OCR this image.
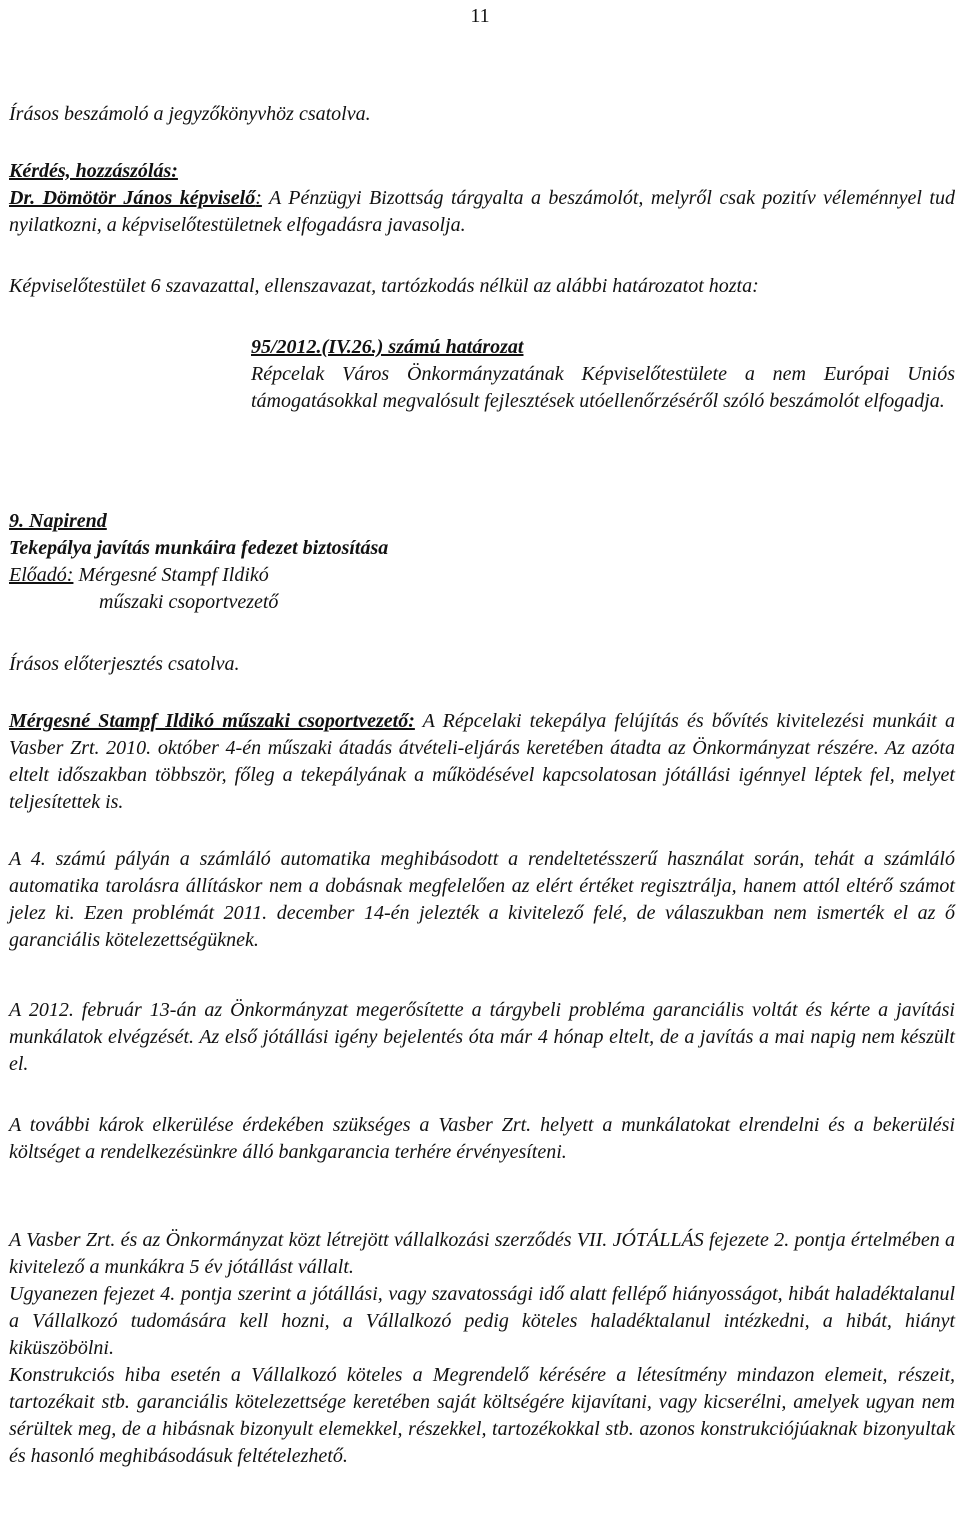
11

Írásos beszámoló a jegyzőkönyvhöz csatolva.

Kérdés, hozzászólás:
Dr. Dömötör János képviselő: A Pénzügyi Bizottság tárgyalta a beszámolót, melyről csak pozitív véleménnyel tud nyilatkozni, a képviselőtestületnek elfogadásra javasolja.

Képviselőtestület 6 szavazattal, ellenszavazat, tartózkodás nélkül az alábbi határozatot hozta:

95/2012.(IV.26.) számú határozat
Répcelak Város Önkormányzatának Képviselőtestülete a nem Európai Uniós támogatásokkal megvalósult fejlesztések utóellenőrzéséről szóló beszámolót elfogadja.
9. Napirend
Tekepálya javítás munkáira fedezet biztosítása
Előadó: Mérgesné Stampf Ildikó
műszaki csoportvezető

Írásos előterjesztés csatolva.

Mérgesné Stampf Ildikó műszaki csoportvezető: A Répcelaki tekepálya felújítás és bővítés kivitelezési munkáit a Vasber Zrt. 2010. október 4-én műszaki átadás átvételi-eljárás keretében átadta az Önkormányzat részére. Az azóta eltelt időszakban többször, főleg a tekepályának a működésével kapcsolatosan jótállási igénnyel léptek fel, melyet teljesítettek is.

A 4. számú pályán a számláló automatika meghibásodott a rendeltetésszerű használat során, tehát a számláló automatika tarolásra állításkor nem a dobásnak megfelelően az elért értéket regisztrálja, hanem attól eltérő számot jelez ki. Ezen problémát 2011. december 14-én jelezték a kivitelező felé, de válaszukban nem ismerték el az ő garanciális kötelezettségüknek.

A 2012. február 13-án az Önkormányzat megerősítette a tárgybeli probléma garanciális voltát és kérte a javítási munkálatok elvégzését. Az első jótállási igény bejelentés óta már 4 hónap eltelt, de a javítás a mai napig nem készült el.

A további károk elkerülése érdekében szükséges a Vasber Zrt. helyett a munkálatokat elrendelni és a bekerülési költséget a rendelkezésünkre álló bankgarancia terhére érvényesíteni.

A Vasber Zrt. és az Önkormányzat közt létrejött vállalkozási szerződés VII. JÓTÁLLÁS fejezete 2. pontja értelmében a kivitelező a munkákra 5 év jótállást vállalt.
Ugyanezen fejezet 4. pontja szerint a jótállási, vagy szavatossági idő alatt fellépő hiányosságot, hibát haladéktalanul a Vállalkozó tudomására kell hozni, a Vállalkozó pedig köteles haladéktalanul intézkedni, a hibát, hiányt kiküszöbölni.
Konstrukciós hiba esetén a Vállalkozó köteles a Megrendelő kérésére a létesítmény mindazon elemeit, részeit, tartozékait stb. garanciális kötelezettsége keretében saját költségére kijavítani, vagy kicserélni, amelyek ugyan nem sérültek meg, de a hibásnak bizonyult elemekkel, részekkel, tartozékokkal stb. azonos konstrukciójúaknak bizonyultak és hasonló meghibásodásuk feltételezhető.
